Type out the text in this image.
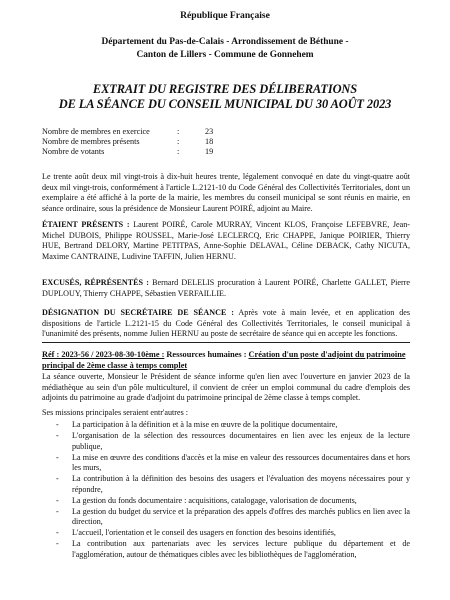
République Française
Département du Pas-de-Calais - Arrondissement de Béthune -
Canton de Lillers - Commune de Gonnehem
EXTRAIT DU REGISTRE DES DÉLIBERATIONS
DE LA SÉANCE DU CONSEIL MUNICIPAL DU 30 AOÛT 2023
Nombre de membres en exercice	:	23
Nombre de membres présents	:	18
Nombre de votants	:	19
Le trente août deux mil vingt-trois à dix-huit heures trente, légalement convoqué en date du vingt-quatre août deux mil vingt-trois, conformément à l'article L.2121-10 du Code Général des Collectivités Territoriales, dont un exemplaire a été affiché à la porte de la mairie, les membres du conseil municipal se sont réunis en mairie, en séance ordinaire, sous la présidence de Monsieur Laurent POIRÉ, adjoint au Maire.
ÉTAIENT PRÉSENTS : Laurent POIRÉ, Carole MURRAY, Vincent KLOS, Françoise LEFEBVRE, Jean-Michel DUBOIS, Philippe ROUSSEL, Marie-José LECLERCQ, Eric CHAPPE, Janique POIRIER, Thierry HUE, Bertrand DELORY, Martine PETITPAS, Anne-Sophie DELAVAL, Céline DEBACK, Cathy NICUTA, Maxime CANTRAINE, Ludivine TAFFIN, Julien HERNU.
EXCUSÉS, RÉPRÉSENTÉS : Bernard DELELIS procuration à Laurent POIRÉ, Charlette GALLET, Pierre DUPLOUY, Thierry CHAPPE, Sébastien VERFAILLIE.
DÉSIGNATION DU SECRÉTAIRE DE SÉANCE : Après vote à main levée, et en application des dispositions de l'article L.2121-15 du Code Général des Collectivités Territoriales, le conseil municipal à l'unanimité des présents, nomme Julien HERNU au poste de secrétaire de séance qui en accepte les fonctions.
Réf : 2023-56 / 2023-08-30-10ème : Ressources humaines : Création d'un poste d'adjoint du patrimoine principal de 2ème classe à temps complet
La séance ouverte, Monsieur le Président de séance informe qu'en lien avec l'ouverture en janvier 2023 de la médiathèque au sein d'un pôle multiculturel, il convient de créer un emploi communal du cadre d'emplois des adjoints du patrimoine au grade d'adjoint du patrimoine principal de 2ème classe à temps complet.
Ses missions principales seraient entr'autres :
- La participation à la définition et à la mise en œuvre de la politique documentaire,
- L'organisation de la sélection des ressources documentaires en lien avec les enjeux de la lecture publique,
- La mise en œuvre des conditions d'accès et la mise en valeur des ressources documentaires dans et hors les murs,
- La contribution à la définition des besoins des usagers et l'évaluation des moyens nécessaires pour y répondre,
- La gestion du fonds documentaire : acquisitions, catalogage, valorisation de documents,
- La gestion du budget du service et la préparation des appels d'offres des marchés publics en lien avec la direction,
- L'accueil, l'orientation et le conseil des usagers en fonction des besoins identifiés,
- La contribution aux partenariats avec les services lecture publique du département et de l'agglomération, autour de thématiques cibles avec les bibliothèques de l'agglomération,
